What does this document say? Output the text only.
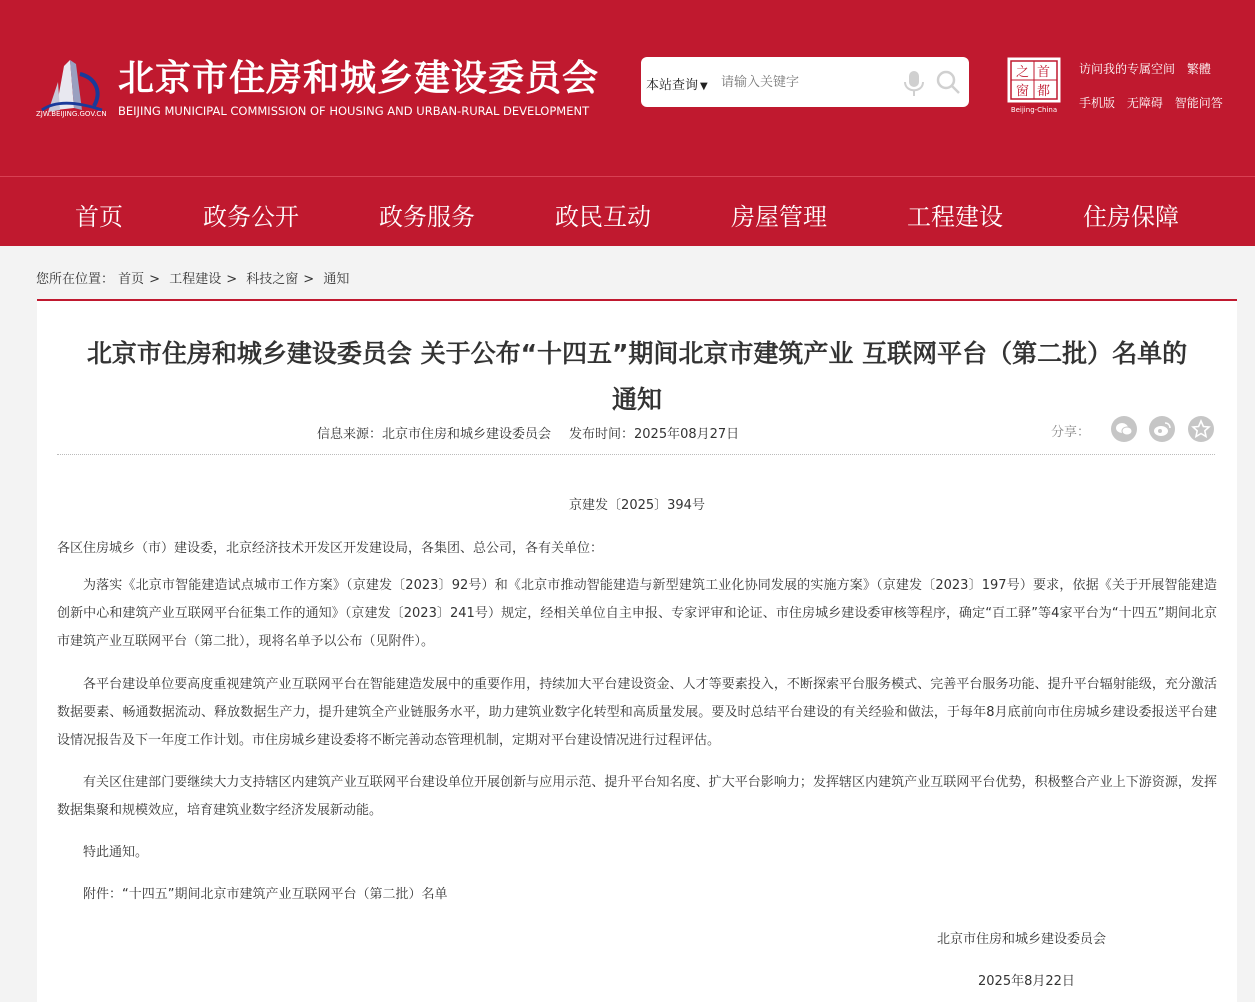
ZJW.BEIJING.GOV.CN
北京市住房和城乡建设委员会
BEIJING MUNICIPAL COMMISSION OF HOUSING AND URBAN-RURAL DEVELOPMENT
本站查询 ▼
请输入关键字
之 首
窗 都
Beijing-China
访问我的专属空间 繁體
手机版 无障碍 智能问答
首页	政务公开	政务服务	政民互动	房屋管理	工程建设	住房保障
您所在位置： 首页 > 工程建设 > 科技之窗 > 通知
北京市住房和城乡建设委员会 关于公布“十四五”期间北京市建筑产业 互联网平台（第二批）名单的通知
信息来源：北京市住房和城乡建设委员会 发布时间：2025年08月27日	分享：
京建发〔2025〕394号
各区住房城乡（市）建设委，北京经济技术开发区开发建设局，各集团、总公司，各有关单位：
为落实《北京市智能建造试点城市工作方案》（京建发〔2023〕92号）和《北京市推动智能建造与新型建筑工业化协同发展的实施方案》（京建发〔2023〕197号）要求，依据《关于开展智能建造创新中心和建筑产业互联网平台征集工作的通知》（京建发〔2023〕241号）规定，经相关单位自主申报、专家评审和论证、市住房城乡建设委审核等程序，确定“百工驿”等4家平台为“十四五”期间北京市建筑产业互联网平台（第二批），现将名单予以公布（见附件）。
各平台建设单位要高度重视建筑产业互联网平台在智能建造发展中的重要作用，持续加大平台建设资金、人才等要素投入，不断探索平台服务模式、完善平台服务功能、提升平台辐射能级，充分激活数据要素、畅通数据流动、释放数据生产力，提升建筑全产业链服务水平，助力建筑业数字化转型和高质量发展。要及时总结平台建设的有关经验和做法，于每年8月底前向市住房城乡建设委报送平台建设情况报告及下一年度工作计划。市住房城乡建设委将不断完善动态管理机制，定期对平台建设情况进行过程评估。
有关区住建部门要继续大力支持辖区内建筑产业互联网平台建设单位开展创新与应用示范、提升平台知名度、扩大平台影响力；发挥辖区内建筑产业互联网平台优势，积极整合产业上下游资源，发挥数据集聚和规模效应，培育建筑业数字经济发展新动能。
特此通知。
附件：“十四五”期间北京市建筑产业互联网平台（第二批）名单
北京市住房和城乡建设委员会
2025年8月22日
